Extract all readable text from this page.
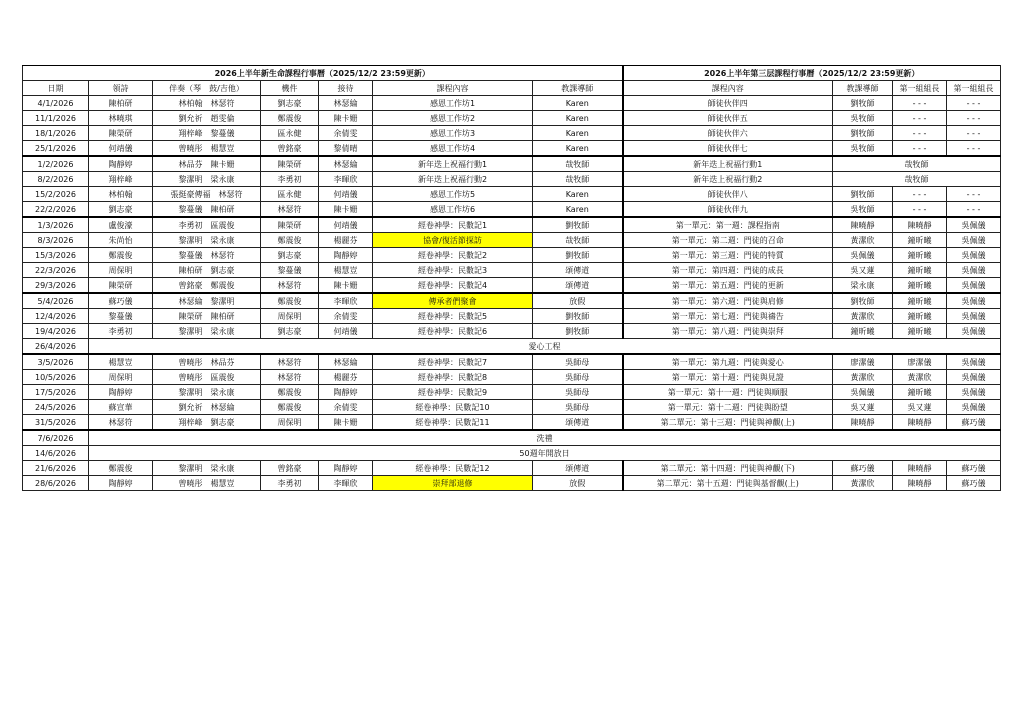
2026上半年新生命課程行事曆（2025/12/2 23:59更新）							2026上半年第三层課程行事曆（2025/12/2 23:59更新）			
日期	領詩	伴奏（琴　鼓/吉他）	機件	接待	課程內容	教課導師	課程內容	教課導師	第一組組長	第一組組長
4/1/2026	陳柏研	林柏翰　林瑟符	劉志豪	林瑟綸	感恩工作坊1	Karen	師徒伙伴四	劉牧師	- - -	- - -
11/1/2026	林曉琪	劉允祈　趙雯倫	鄭震俊	陳卡姗	感恩工作坊2	Karen	師徒伙伴五	吳牧師	- - -	- - -
18/1/2026	陳榮研	翔梓峰　黎蔓儀	區永健	余倩雯	感恩工作坊3	Karen	師徒伙伴六	劉牧師	- - -	- - -
25/1/2026	何靖儀	曾曉彤　楊慧豈	曾銘豪	黎倩晴	感恩工作坊4	Karen	師徒伙伴七	吳牧師	- - -	- - -
1/2/2026	陶靜婷	林品芬　陳卡姗	陳榮研	林瑟綸	新年迭上祝福行動1	哉牧師	新年迭上祝福行動1	哉牧師		
8/2/2026	翔梓峰	黎潔明　梁永康	李勇初	李暉欣	新年迭上祝福行動2	哉牧師	新年迭上祝福行動2	哉牧師		
15/2/2026	林柏翰	張挺豪傳福　林瑟符	區永健	何靖儀	感恩工作坊5	Karen	師徒伙伴八	劉牧師	- - -	- - -
22/2/2026	劉志豪	黎蔓儀　陳柏研	林瑟符	陳卡姗	感恩工作坊6	Karen	師徒伙伴九	吳牧師	- - -	- - -
1/3/2026	盧俊濠	李勇初　區震俊	陳榮研	何靖儀	經卷神學：民數記1	劉牧師	第一單元：第一週：課程指南	陳曉靜	陳曉靜	吳佩儀
8/3/2026	朱尚怡	黎潔明　梁永康	鄭震俊	楊麗芬	協會/復活節探訪	哉牧師	第一單元：第二週：門徒的召命	黃潔欣	鐘昕曦	吳佩儀
15/3/2026	鄭震俊	黎蔓儀　林瑟符	劉志豪	陶靜婷	經卷神學：民數記2	劉牧師	第一單元：第三週：門徒的特質	吳佩儀	鐘昕曦	吳佩儀
22/3/2026	周保明	陳柏研　劉志豪	黎蔓儀	楊慧豈	經卷神學：民數記3	頌傳道	第一單元：第四週：門徒的成長	吳又蓮	鐘昕曦	吳佩儀
29/3/2026	陳榮研	曾銘豪　鄭震俊	林瑟符	陳卡姗	經卷神學：民數記4	頌傳道	第一單元：第五週：門徒的更新	梁永康	鐘昕曦	吳佩儀
5/4/2026	蘇巧儀	林瑟綸　黎潔明	鄭震俊	李暉欣	傳承者們聚會	放假	第一單元：第六週：門徒與肩修	劉牧師	鐘昕曦	吳佩儀
12/4/2026	黎蔓儀	陳榮研　陳柏研	周保明	余倩雯	經卷神學：民數記5	劉牧師	第一單元：第七週：門徒與禱告	黃潔欣	鐘昕曦	吳佩儀
19/4/2026	李勇初	黎潔明　梁永康	劉志豪	何靖儀	經卷神學：民數記6	劉牧師	第一單元：第八週：門徒與崇拜	鐘昕曦	鐘昕曦	吳佩儀
26/4/2026	愛心工程									
3/5/2026	楊慧豈	曾曉彤　林品芬	林瑟符	林瑟綸	經卷神學：民數記7	吳師母	第一單元：第九週：門徒與愛心	廖潔儀	廖潔儀	吳佩儀
10/5/2026	周保明	曾曉彤　區震俊	林瑟符	楊麗芬	經卷神學：民數記8	吳師母	第一單元：第十週：門徒與見證	黃潔欣	黃潔欣	吳佩儀
17/5/2026	陶靜婷	黎潔明　梁永康	鄭震俊	陶靜婷	經卷神學：民數記9	吳師母	第一單元：第十一週：門徒與順服	吳佩儀	鐘昕曦	吳佩儀
24/5/2026	蘇宣華	劉允祈　林瑟綸	鄭震俊	余倩雯	經卷神學：民數記10	吳師母	第一單元：第十二週：門徒與盼望	吳又蓮	吳又蓮	吳佩儀
31/5/2026	林瑟符	翔梓峰　劉志豪	周保明	陳卡姗	經卷神學：民數記11	頌傳道	第二單元：第十三週：門徒與神觀(上)	陳曉靜	陳曉靜	蘇巧儀
7/6/2026	洗禮									
14/6/2026	50週年開放日									
21/6/2026	鄭震俊	黎潔明　梁永康	曾銘豪	陶靜婷	經卷神學：民數記12	頌傳道	第二單元：第十四週：門徒與神觀(下)	蘇巧儀	陳曉靜	蘇巧儀
28/6/2026	陶靜婷	曾曉彤　楊慧豈	李勇初	李暉欣	崇拜部退修	放假	第二單元：第十五週：門徒與基督觀(上)	黃潔欣	陳曉靜	蘇巧儀
